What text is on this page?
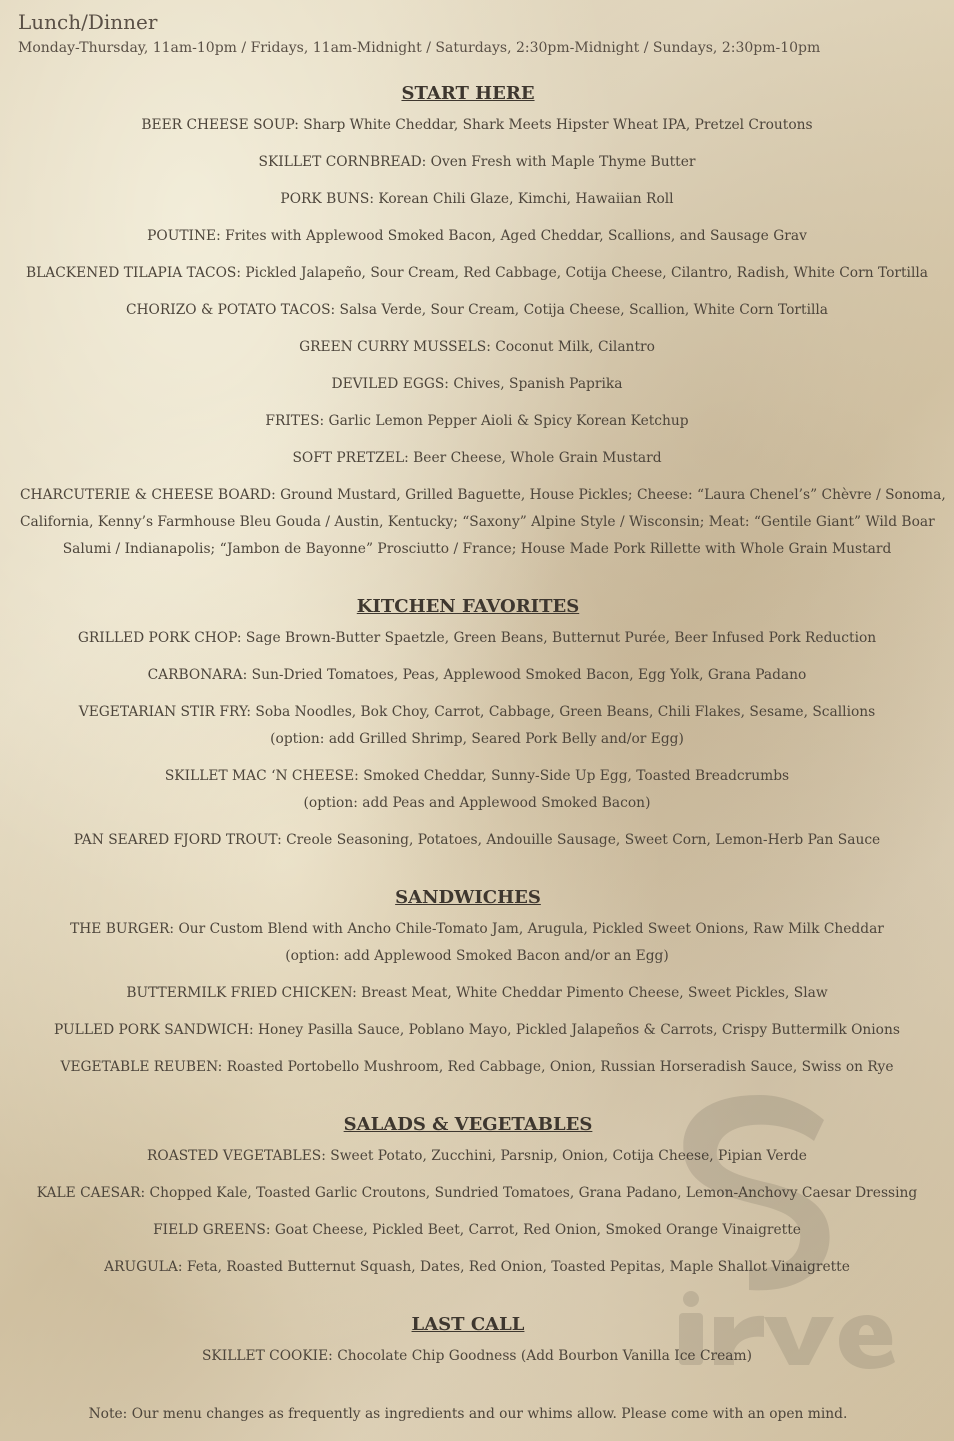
Lunch/Dinner

Monday-Thursday, 11am-10pm / Fridays, 11am-Midnight / Saturdays, 2:30pm-Midnight / Sundays, 2:30pm-10pm

START HERE

BEER CHEESE SOUP: Sharp White Cheddar, Shark Meets Hipster Wheat IPA, Pretzel Croutons

SKILLET CORNBREAD: Oven Fresh with Maple Thyme Butter

PORK BUNS: Korean Chili Glaze, Kimchi, Hawaiian Roll

POUTINE: Frites with Applewood Smoked Bacon, Aged Cheddar, Scallions, and Sausage Grav

BLACKENED TILAPIA TACOS: Pickled Jalapeño, Sour Cream, Red Cabbage, Cotija Cheese, Cilantro, Radish, White Corn Tortilla

CHORIZO & POTATO TACOS: Salsa Verde, Sour Cream, Cotija Cheese, Scallion, White Corn Tortilla

GREEN CURRY MUSSELS: Coconut Milk, Cilantro

DEVILED EGGS: Chives, Spanish Paprika

FRITES: Garlic Lemon Pepper Aioli & Spicy Korean Ketchup

SOFT PRETZEL: Beer Cheese, Whole Grain Mustard

CHARCUTERIE & CHEESE BOARD: Ground Mustard, Grilled Baguette, House Pickles; Cheese: “Laura Chenel’s” Chèvre / Sonoma,
California, Kenny’s Farmhouse Bleu Gouda / Austin, Kentucky; “Saxony” Alpine Style / Wisconsin; Meat: “Gentile Giant” Wild Boar
Salumi / Indianapolis; “Jambon de Bayonne” Prosciutto / France; House Made Pork Rillette with Whole Grain Mustard

KITCHEN FAVORITES

GRILLED PORK CHOP: Sage Brown-Butter Spaetzle, Green Beans, Butternut Purée, Beer Infused Pork Reduction

CARBONARA: Sun-Dried Tomatoes, Peas, Applewood Smoked Bacon, Egg Yolk, Grana Padano

VEGETARIAN STIR FRY: Soba Noodles, Bok Choy, Carrot, Cabbage, Green Beans, Chili Flakes, Sesame, Scallions
(option: add Grilled Shrimp, Seared Pork Belly and/or Egg)

SKILLET MAC ‘N CHEESE: Smoked Cheddar, Sunny-Side Up Egg, Toasted Breadcrumbs
(option: add Peas and Applewood Smoked Bacon)

PAN SEARED FJORD TROUT: Creole Seasoning, Potatoes, Andouille Sausage, Sweet Corn, Lemon-Herb Pan Sauce

SANDWICHES

THE BURGER: Our Custom Blend with Ancho Chile-Tomato Jam, Arugula, Pickled Sweet Onions, Raw Milk Cheddar
(option: add Applewood Smoked Bacon and/or an Egg)

BUTTERMILK FRIED CHICKEN: Breast Meat, White Cheddar Pimento Cheese, Sweet Pickles, Slaw

PULLED PORK SANDWICH: Honey Pasilla Sauce, Poblano Mayo, Pickled Jalapeños & Carrots, Crispy Buttermilk Onions

VEGETABLE REUBEN: Roasted Portobello Mushroom, Red Cabbage, Onion, Russian Horseradish Sauce, Swiss on Rye

SALADS & VEGETABLES

ROASTED VEGETABLES: Sweet Potato, Zucchini, Parsnip, Onion, Cotija Cheese, Pipian Verde

KALE CAESAR: Chopped Kale, Toasted Garlic Croutons, Sundried Tomatoes, Grana Padano, Lemon-Anchovy Caesar Dressing

FIELD GREENS: Goat Cheese, Pickled Beet, Carrot, Red Onion, Smoked Orange Vinaigrette

ARUGULA: Feta, Roasted Butternut Squash, Dates, Red Onion, Toasted Pepitas, Maple Shallot Vinaigrette

LAST CALL

SKILLET COOKIE: Chocolate Chip Goodness (Add Bourbon Vanilla Ice Cream)

Note: Our menu changes as frequently as ingredients and our whims allow. Please come with an open mind.
